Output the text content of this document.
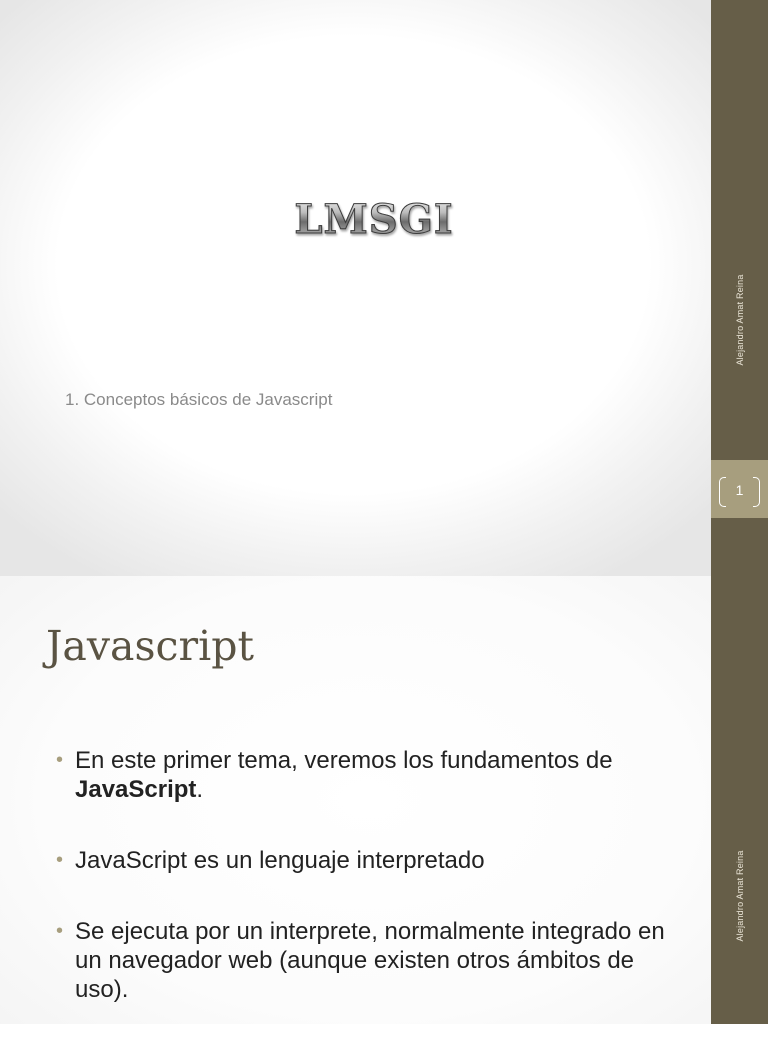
LMSGI
1. Conceptos básicos de Javascript
Alejandro Amat Reina
1
Alejandro Amat Reina
Javascript
• En este primer tema, veremos los fundamentos de JavaScript.
• JavaScript es un lenguaje interpretado
• Se ejecuta por un interprete, normalmente integrado en un navegador web (aunque existen otros ámbitos de uso).
